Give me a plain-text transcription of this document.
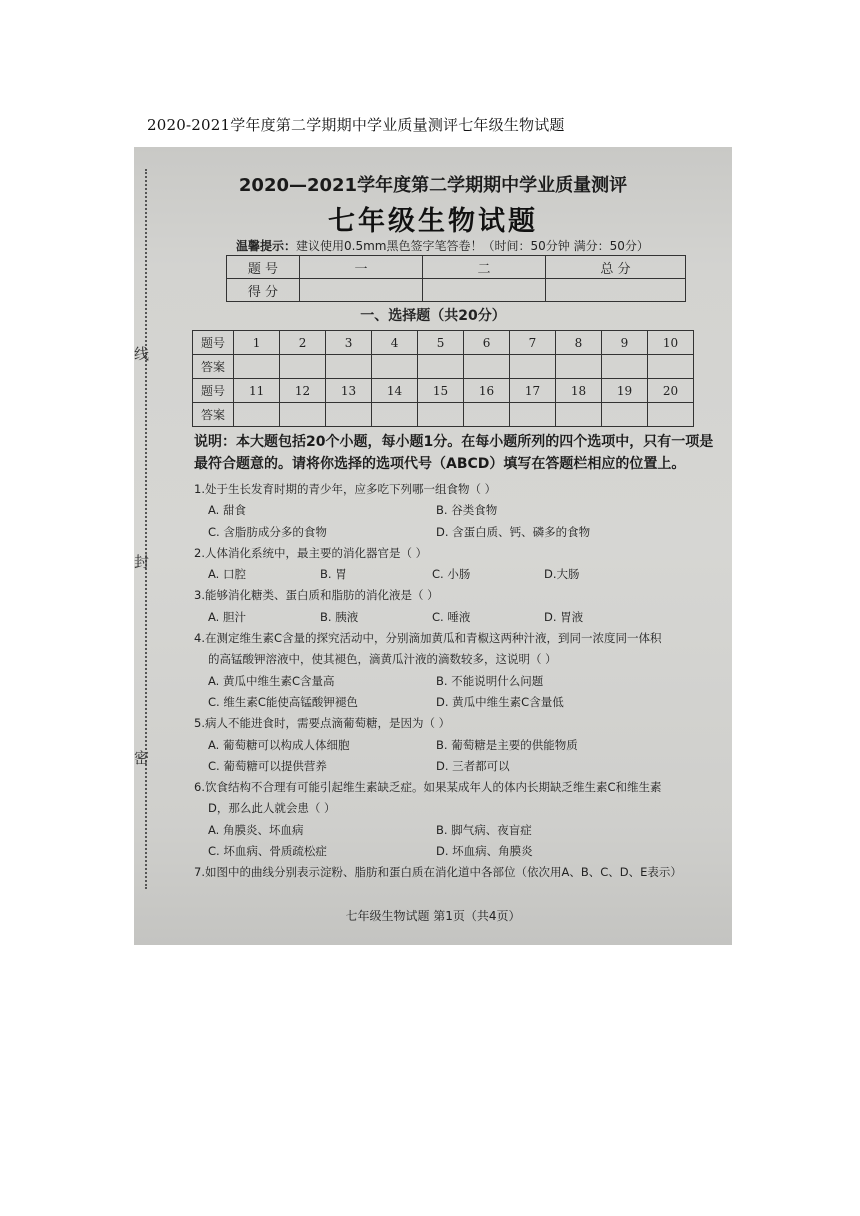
2020-2021学年度第二学期期中学业质量测评七年级生物试题
线
封
密
2020—2021学年度第二学期期中学业质量测评
七年级生物试题
温馨提示：建议使用0.5mm黑色签字笔答卷！（时间：50分钟 满分：50分）
题 号	一	二	总 分
得 分			
一、选择题（共20分）
题号	1	2	3	4	5	6	7	8	9	10
答案										
题号	11	12	13	14	15	16	17	18	19	20
答案										
说明：本大题包括20个小题，每小题1分。在每小题所列的四个选项中，只有一项是最符合题意的。请将你选择的选项代号（ABCD）填写在答题栏相应的位置上。
1.处于生长发育时期的青少年，应多吃下列哪一组食物（ ）
A. 甜食	B. 谷类食物
C. 含脂肪成分多的食物	D. 含蛋白质、钙、磷多的食物
2.人体消化系统中，最主要的消化器官是（ ）
A. 口腔	B. 胃	C. 小肠	D.大肠
3.能够消化糖类、蛋白质和脂肪的消化液是（ ）
A. 胆汁	B. 胰液	C. 唾液	D. 胃液
4.在测定维生素C含量的探究活动中，分别滴加黄瓜和青椒这两种汁液，到同一浓度同一体积
的高锰酸钾溶液中，使其褪色，滴黄瓜汁液的滴数较多，这说明（ ）
A. 黄瓜中维生素C含量高	B. 不能说明什么问题
C. 维生素C能使高锰酸钾褪色	D. 黄瓜中维生素C含量低
5.病人不能进食时，需要点滴葡萄糖，是因为（ ）
A. 葡萄糖可以构成人体细胞	B. 葡萄糖是主要的供能物质
C. 葡萄糖可以提供营养	D. 三者都可以
6.饮食结构不合理有可能引起维生素缺乏症。如果某成年人的体内长期缺乏维生素C和维生素
D，那么此人就会患（ ）
A. 角膜炎、坏血病	B. 脚气病、夜盲症
C. 坏血病、骨质疏松症	D. 坏血病、角膜炎
7.如图中的曲线分别表示淀粉、脂肪和蛋白质在消化道中各部位（依次用A、B、C、D、E表示）
七年级生物试题 第1页（共4页）
